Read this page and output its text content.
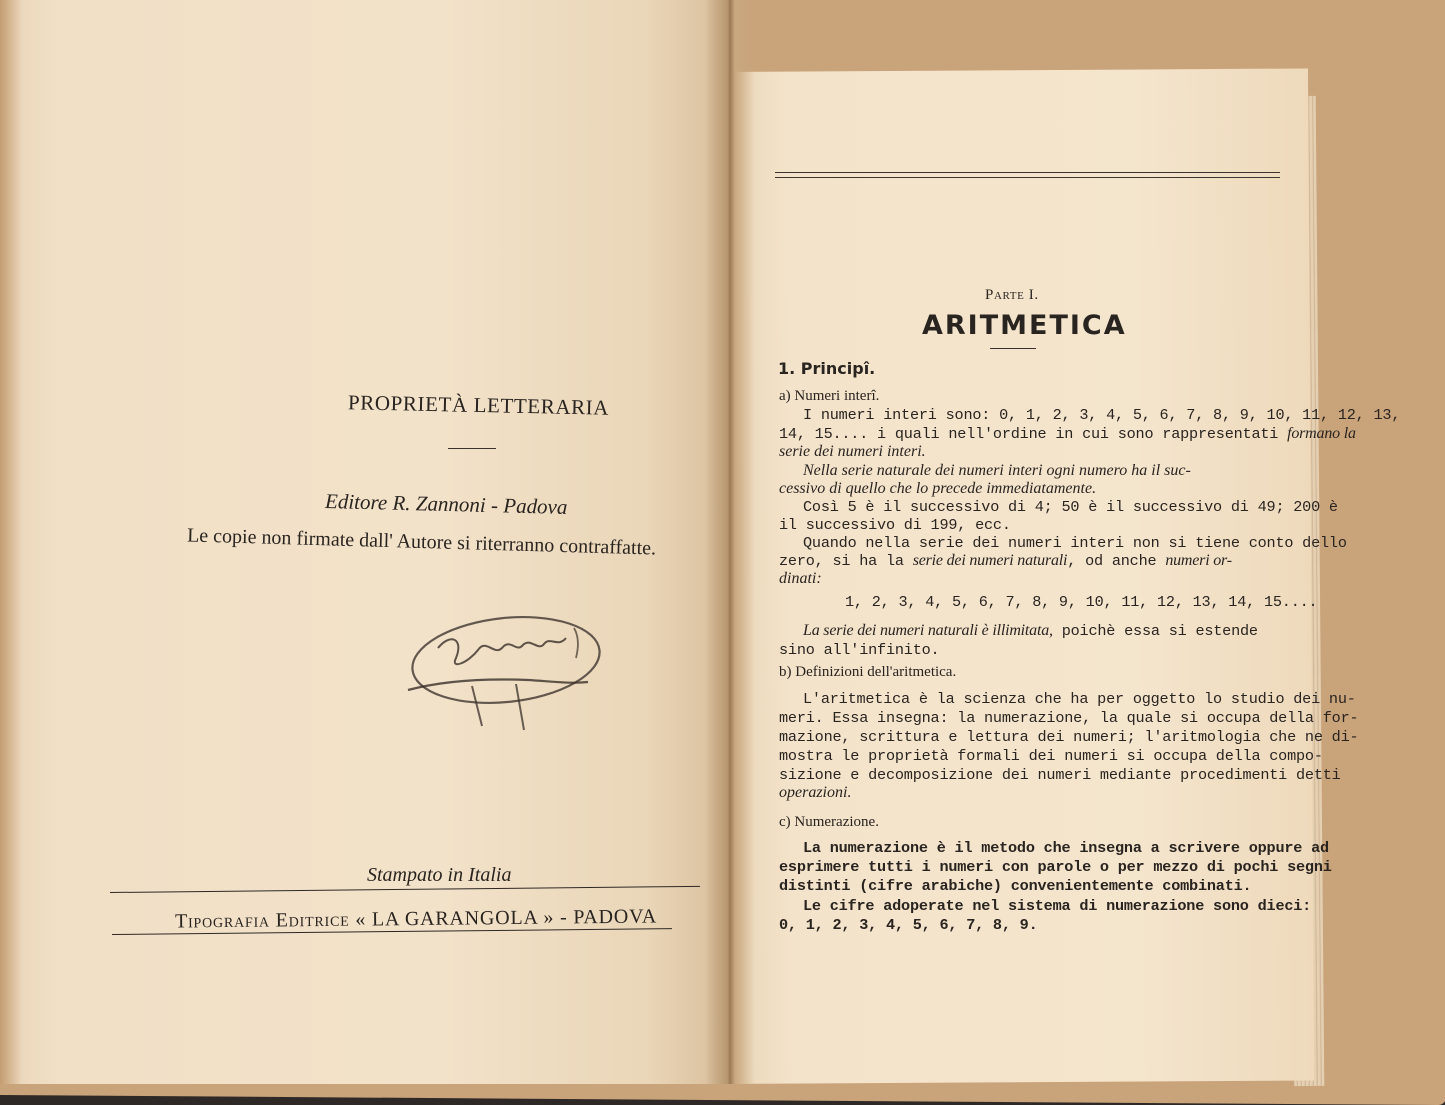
PROPRIETÀ LETTERARIA
Editore R. Zannoni - Padova
Le copie non firmate dall' Autore si riterranno contraffatte.
Stampato in Italia
Tipografia Editrice « LA GARANGOLA » - PADOVA
Parte I.
ARITMETICA
1. Principî.
a) Numeri interî.
I numeri interi sono: 0, 1, 2, 3, 4, 5, 6, 7, 8, 9, 10, 11, 12, 13,
14, 15.... i quali nell'ordine in cui sono rappresentati formano la
serie dei numeri interi.
Nella serie naturale dei numeri interi ogni numero ha il suc-
cessivo di quello che lo precede immediatamente.
Così 5 è il successivo di 4; 50 è il successivo di 49; 200 è
il successivo di 199, ecc.
Quando nella serie dei numeri interi non si tiene conto dello
zero, si ha la serie dei numeri naturali, od anche numeri or-
dinati:
1, 2, 3, 4, 5, 6, 7, 8, 9, 10, 11, 12, 13, 14, 15....
La serie dei numeri naturali è illimitata, poichè essa si estende
sino all'infinito.
b) Definizioni dell'aritmetica.
L'aritmetica è la scienza che ha per oggetto lo studio dei nu-
meri. Essa insegna: la numerazione, la quale si occupa della for-
mazione, scrittura e lettura dei numeri; l'aritmologia che ne di-
mostra le proprietà formali dei numeri si occupa della compo-
sizione e decomposizione dei numeri mediante procedimenti detti
operazioni.
c) Numerazione.
La numerazione è il metodo che insegna a scrivere oppure ad
esprimere tutti i numeri con parole o per mezzo di pochi segni
distinti (cifre arabiche) convenientemente combinati.
Le cifre adoperate nel sistema di numerazione sono dieci:
0, 1, 2, 3, 4, 5, 6, 7, 8, 9.
